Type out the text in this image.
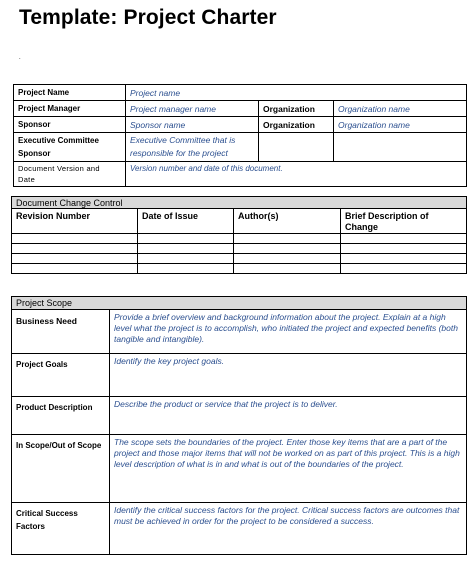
Template: Project Charter
.
Project Name	Project name		
Project Manager	Project manager name	Organization	Organization name
Sponsor	Sponsor name	Organization	Organization name
Executive Committee
Sponsor	Executive Committee that is
responsible for the project		
Document Version and
Date	Version number and date of this document.		
Document Change Control			
Revision Number	Date of Issue	Author(s)	Brief Description of Change

Project Scope	
Business Need	Provide a brief overview and background information about the project. Explain at a high level what the project is to accomplish, who initiated the project and expected benefits (both tangible and intangible).
Project Goals	Identify the key project goals.
Product Description	Describe the product or service that the project is to deliver.
In Scope/Out of Scope	The scope sets the boundaries of the project. Enter those key items that are a part of the project and those major items that will not be worked on as part of this project. This is a high level description of what is in and what is out of the boundaries of the project.
Critical Success Factors	Identify the critical success factors for the project. Critical success factors are outcomes that must be achieved in order for the project to be considered a success.
